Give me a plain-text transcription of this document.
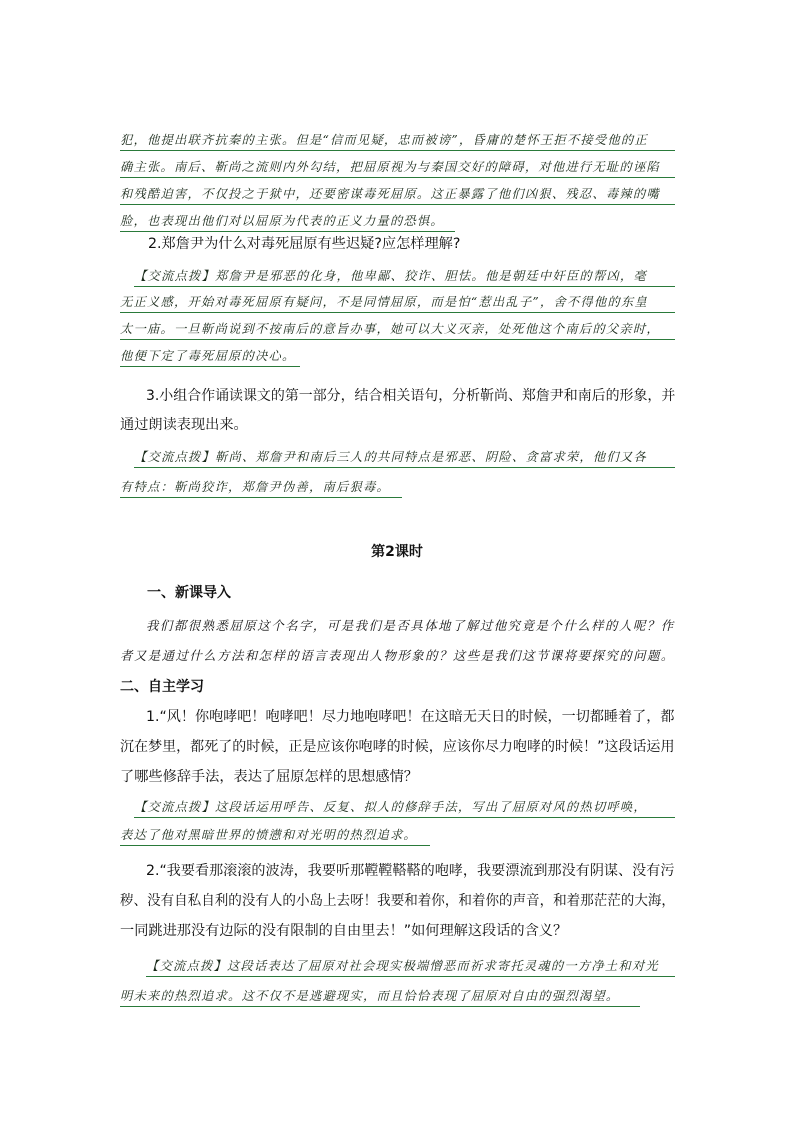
犯，他提出联齐抗秦的主张。但是“信而见疑，忠而被谤”，昏庸的楚怀王拒不接受他的正
确主张。南后、靳尚之流则内外勾结，把屈原视为与秦国交好的障碍，对他进行无耻的诬陷
和残酷迫害，不仅投之于狱中，还要密谋毒死屈原。这正暴露了他们凶狠、残忍、毒辣的嘴
脸，也表现出他们对以屈原为代表的正义力量的恐惧。
2.郑詹尹为什么对毒死屈原有些迟疑?应怎样理解?
【交流点拨】郑詹尹是邪恶的化身，他卑鄙、狡诈、胆怯。他是朝廷中奸臣的帮凶，毫
无正义感，开始对毒死屈原有疑问，不是同情屈原，而是怕“惹出乱子”，舍不得他的东皇
太一庙。一旦靳尚说到不按南后的意旨办事，她可以大义灭亲，处死他这个南后的父亲时，
他便下定了毒死屈原的决心。
3.小组合作诵读课文的第一部分，结合相关语句，分析靳尚、郑詹尹和南后的形象，并
通过朗读表现出来。
【交流点拨】靳尚、郑詹尹和南后三人的共同特点是邪恶、阴险、贪富求荣，他们又各
有特点：靳尚狡诈，郑詹尹伪善，南后狠毒。
第2课时
一、新课导入
我们都很熟悉屈原这个名字，可是我们是否具体地了解过他究竟是个什么样的人呢？作
者又是通过什么方法和怎样的语言表现出人物形象的？这些是我们这节课将要探究的问题。
二、自主学习
1.“风！你咆哮吧！咆哮吧！尽力地咆哮吧！在这暗无天日的时候，一切都睡着了，都
沉在梦里，都死了的时候，正是应该你咆哮的时候，应该你尽力咆哮的时候！”这段话运用
了哪些修辞手法，表达了屈原怎样的思想感情？
【交流点拨】这段话运用呼告、反复、拟人的修辞手法，写出了屈原对风的热切呼唤，
表达了他对黑暗世界的愤懑和对光明的热烈追求。
2.“我要看那滚滚的波涛，我要听那鞺鞺鞳鞳的咆哮，我要漂流到那没有阴谋、没有污
秽、没有自私自利的没有人的小岛上去呀！我要和着你，和着你的声音，和着那茫茫的大海，
一同跳进那没有边际的没有限制的自由里去！”如何理解这段话的含义？
【交流点拨】这段话表达了屈原对社会现实极端憎恶而祈求寄托灵魂的一方净土和对光
明未来的热烈追求。这不仅不是逃避现实，而且恰恰表现了屈原对自由的强烈渴望。
